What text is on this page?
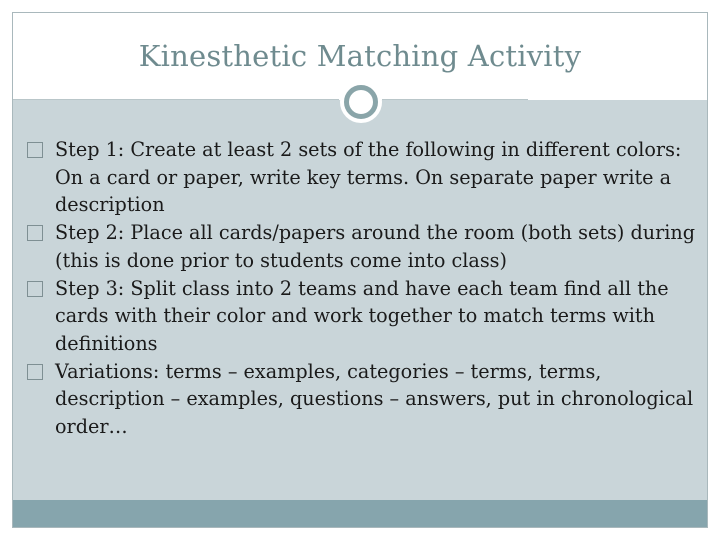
Kinesthetic Matching Activity
Step 1: Create at least 2 sets of the following in different colors: On a card or paper, write key terms. On separate paper write a description
Step 2: Place all cards/papers around the room (both sets) during (this is done prior to students come into class)
Step 3: Split class into 2 teams and have each team find all the cards with their color and work together to match terms with definitions
Variations: terms – examples, categories – terms, terms, description – examples, questions – answers, put in chronological order…
